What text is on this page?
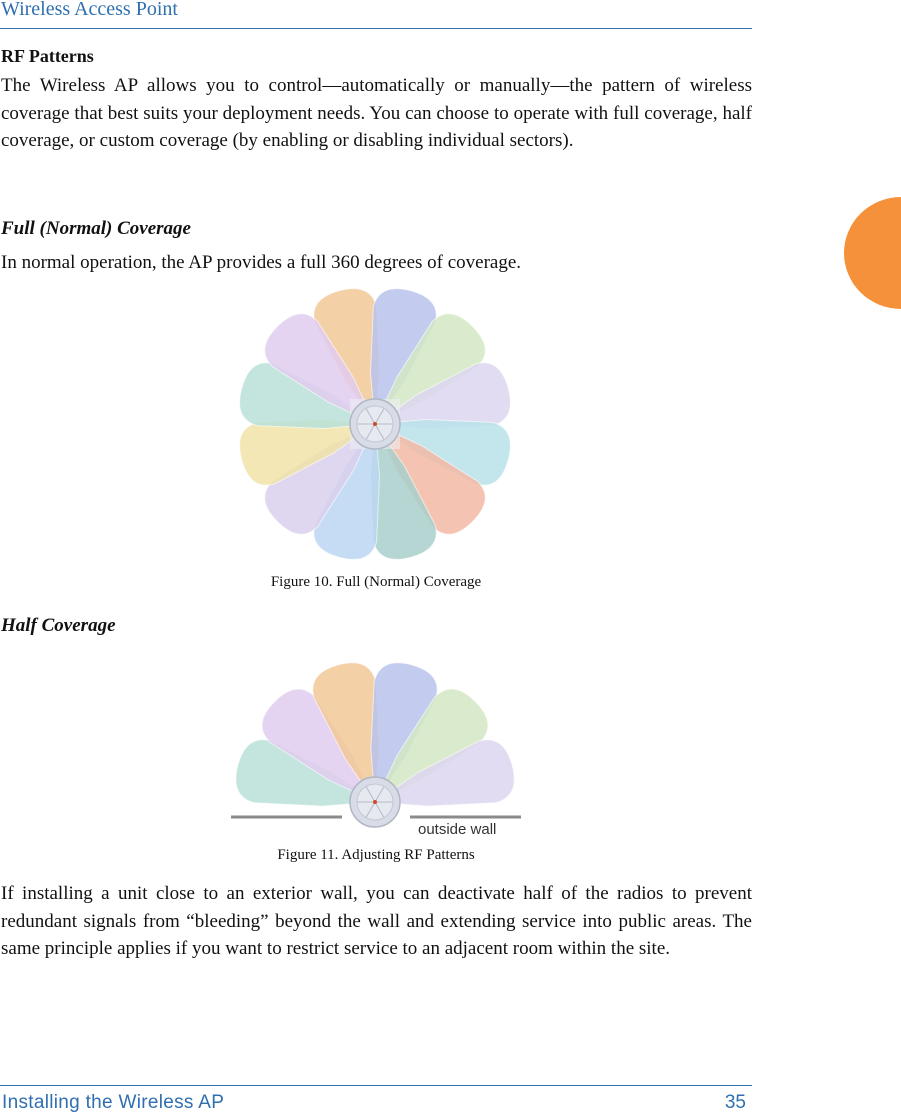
Wireless Access Point
RF Patterns

The Wireless AP allows you to control—automatically or manually—the pattern of wireless coverage that best suits your deployment needs. You can choose to operate with full coverage, half coverage, or custom coverage (by enabling or disabling individual sectors).

Full (Normal) Coverage

In normal operation, the AP provides a full 360 degrees of coverage.

Figure 10. Full (Normal) Coverage
Half Coverage
outside wall
Figure 11. Adjusting RF Patterns

If installing a unit close to an exterior wall, you can deactivate half of the radios to prevent redundant signals from “bleeding” beyond the wall and extending service into public areas. The same principle applies if you want to restrict service to an adjacent room within the site.

Installing the Wireless AP	35
